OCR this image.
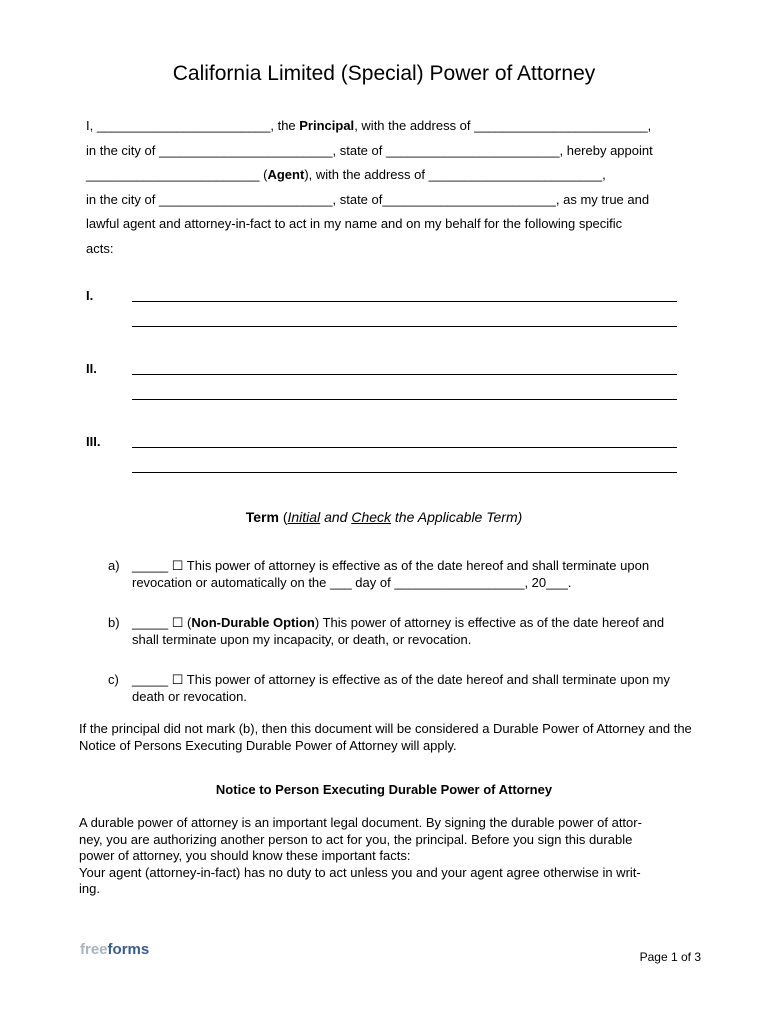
California Limited (Special) Power of Attorney
I, ________________________, the Principal, with the address of ________________________,
in the city of ________________________, state of ________________________, hereby appoint
________________________ (Agent), with the address of ________________________,
in the city of ________________________, state of________________________, as my true and
lawful agent and attorney-in-fact to act in my name and on my behalf for the following specific
acts:
I.
II.
III.
Term (Initial and Check the Applicable Term)
a) _____ ☐ This power of attorney is effective as of the date hereof and shall terminate upon revocation or automatically on the ___ day of __________________, 20___.
b) _____ ☐ (Non-Durable Option) This power of attorney is effective as of the date hereof and shall terminate upon my incapacity, or death, or revocation.
c) _____ ☐ This power of attorney is effective as of the date hereof and shall terminate upon my death or revocation.

If the principal did not mark (b), then this document will be considered a Durable Power of Attorney and the Notice of Persons Executing Durable Power of Attorney will apply.

Notice to Person Executing Durable Power of Attorney
A durable power of attorney is an important legal document. By signing the durable power of attor-
ney, you are authorizing another person to act for you, the principal. Before you sign this durable
power of attorney, you should know these important facts:
Your agent (attorney-in-fact) has no duty to act unless you and your agent agree otherwise in writ-
ing.
freeforms	Page 1 of 3
